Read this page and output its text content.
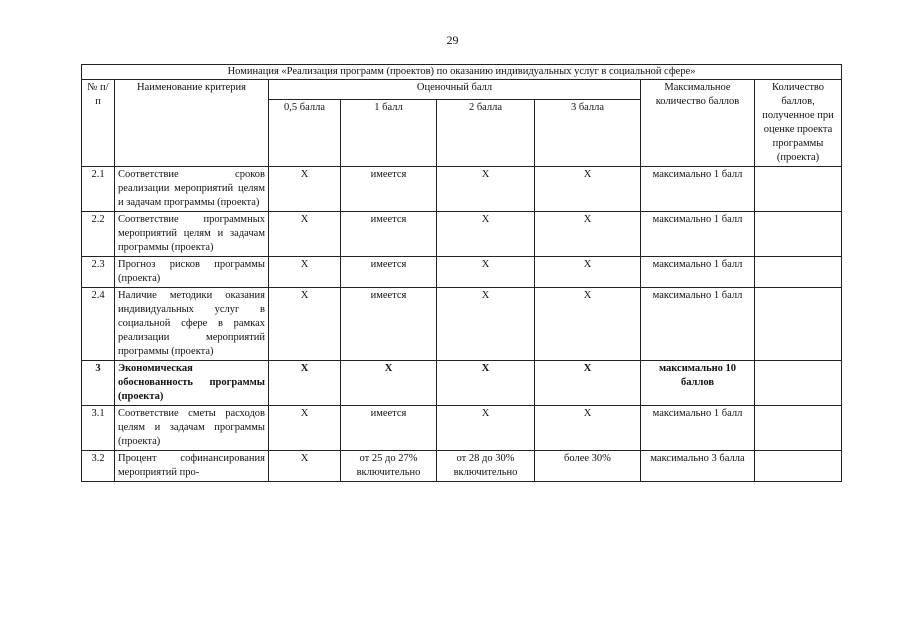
29
Номинация «Реализация программ (проектов) по оказанию индивидуальных услуг в социальной сфере»							
№ п/п	Наименование критерия	Оценочный балл				Максимальное количество баллов	Количество баллов, полученное при оценке проекта программы (проекта)
		0,5 балла	1 балл	2 балла	3 балла		
2.1	Соответствие сроков реализации мероприятий целям и задачам программы (проекта)	Х	имеется	Х	Х	максимально 1 балл	
2.2	Соответствие программных мероприятий целям и задачам программы (проекта)	Х	имеется	Х	Х	максимально 1 балл	
2.3	Прогноз рисков программы (проекта)	Х	имеется	Х	Х	максимально 1 балл	
2.4	Наличие методики оказания индивидуальных услуг в социальной сфере в рамках реализации мероприятий программы (проекта)	Х	имеется	Х	Х	максимально 1 балл	
3	Экономическая обоснованность программы (проекта)	Х	Х	Х	Х	максимально 10 баллов	
3.1	Соответствие сметы расходов целям и задачам программы (проекта)	Х	имеется	Х	Х	максимально 1 балл	
3.2	Процент софинансирования мероприятий про-	Х	от 25 до 27% включительно	от 28 до 30% включительно	более 30%	максимально 3 балла	
